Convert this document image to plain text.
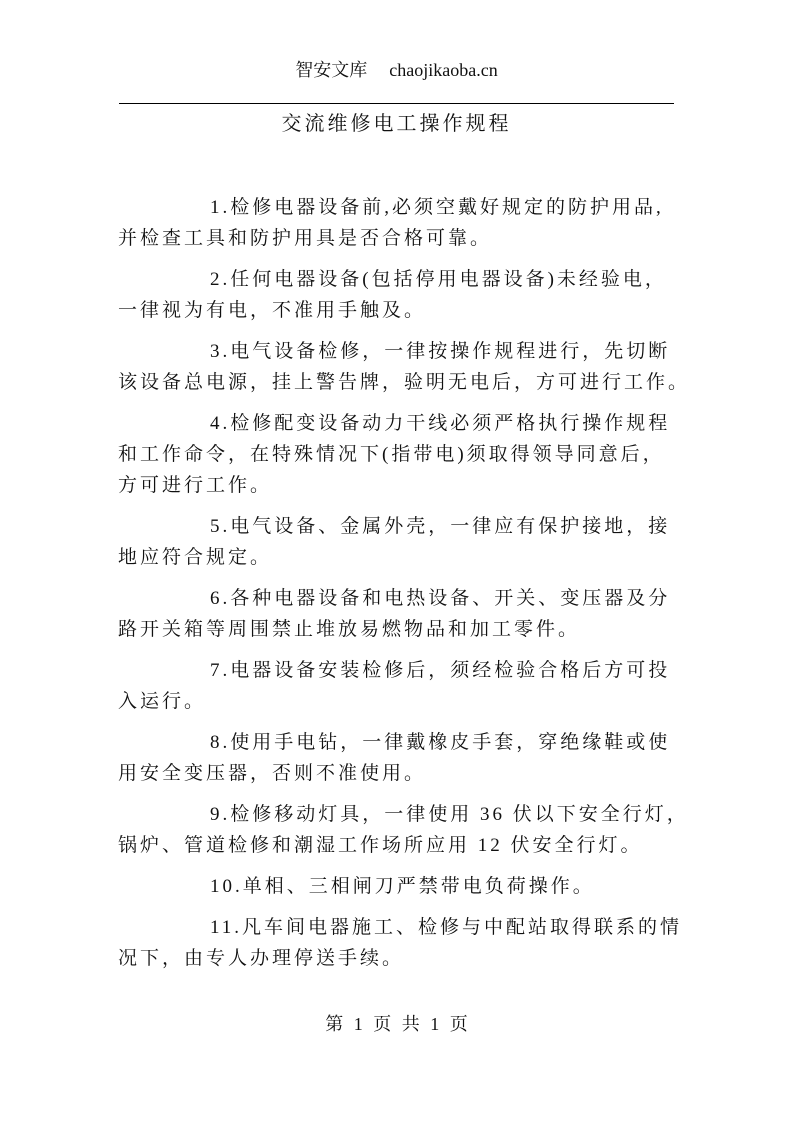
智安文库 chaojikaoba.cn
交流维修电工操作规程
1.检修电器设备前,必须空戴好规定的防护用品,
并检查工具和防护用具是否合格可靠。
2.任何电器设备(包括停用电器设备)未经验电，
一律视为有电，不准用手触及。
3.电气设备检修，一律按操作规程进行，先切断
该设备总电源，挂上警告牌，验明无电后，方可进行工作。
4.检修配变设备动力干线必须严格执行操作规程
和工作命令，在特殊情况下(指带电)须取得领导同意后，
方可进行工作。
5.电气设备、金属外壳，一律应有保护接地，接
地应符合规定。
6.各种电器设备和电热设备、开关、变压器及分
路开关箱等周围禁止堆放易燃物品和加工零件。
7.电器设备安装检修后，须经检验合格后方可投
入运行。
8.使用手电钻，一律戴橡皮手套，穿绝缘鞋或使
用安全变压器，否则不准使用。
9.检修移动灯具，一律使用 36 伏以下安全行灯，
锅炉、管道检修和潮湿工作场所应用 12 伏安全行灯。
10.单相、三相闸刀严禁带电负荷操作。
11.凡车间电器施工、检修与中配站取得联系的情
况下，由专人办理停送手续。
第 1 页 共 1 页
